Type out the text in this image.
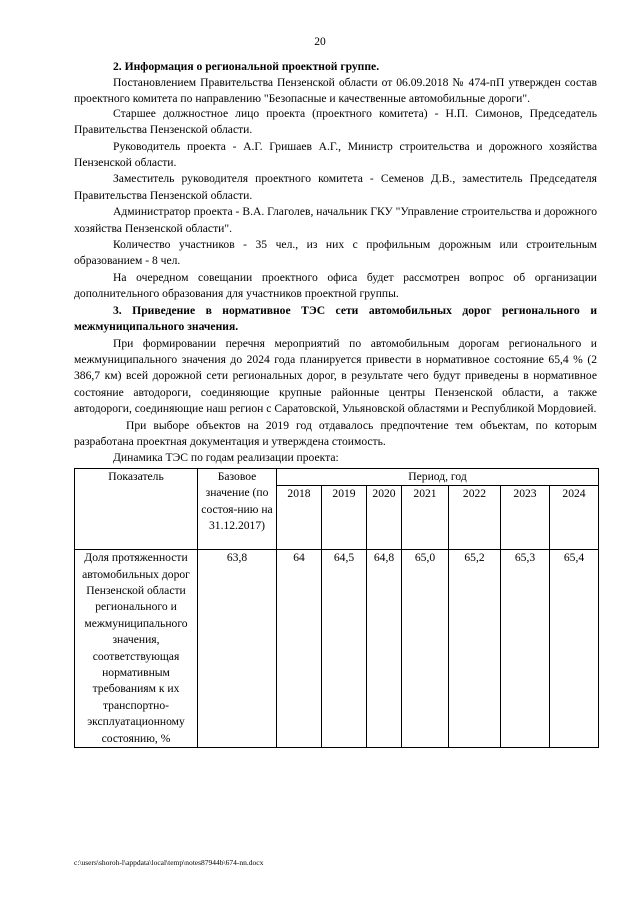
20

2. Информация о региональной проектной группе.

Постановлением Правительства Пензенской области от 06.09.2018 № 474-пП утвержден состав проектного комитета по направлению "Безопасные и качественные автомобильные дороги".

Старшее должностное лицо проекта (проектного комитета) - Н.П. Симонов, Председатель Правительства Пензенской области.

Руководитель проекта - А.Г. Гришаев А.Г., Министр строительства и дорожного хозяйства Пензенской области.

Заместитель руководителя проектного комитета - Семенов Д.В., заместитель Председателя Правительства Пензенской области.

Администратор проекта - В.А. Глаголев, начальник ГКУ "Управление строительства и дорожного хозяйства Пензенской области".

Количество участников - 35 чел., из них с профильным дорожным или строительным образованием - 8 чел.

На очередном совещании проектного офиса будет рассмотрен вопрос об организации дополнительного образования для участников проектной группы.

3. Приведение в нормативное ТЭС сети автомобильных дорог регионального и межмуниципального значения.

При формировании перечня мероприятий по автомобильным дорогам регионального и межмуниципального значения до 2024 года планируется привести в нормативное состояние 65,4 % (2 386,7 км) всей дорожной сети региональных дорог, в результате чего будут приведены в нормативное состояние автодороги, соединяющие крупные районные центры Пензенской области, а также автодороги, соединяющие наш регион с Саратовской, Ульяновской областями и Республикой Мордовией.

При выборе объектов на 2019 год отдавалось предпочтение тем объектам, по которым разработана проектная документация и утверждена стоимость.

Динамика ТЭС по годам реализации проекта:

Показатель	Базовое значение (по состоя-нию на 31.12.2017)	Период, год						
		2018	2019	2020	2021	2022	2023	2024
Доля протяженности автомобильных дорог Пензенской области регионального и межмуниципального значения, соответствующая нормативным требованиям к их транспортно-эксплуатационному состоянию, %	63,8	64	64,5	64,8	65,0	65,2	65,3	65,4
c:\users\shoroh-l\appdata\local\temp\notes87944b\674-nn.docx
